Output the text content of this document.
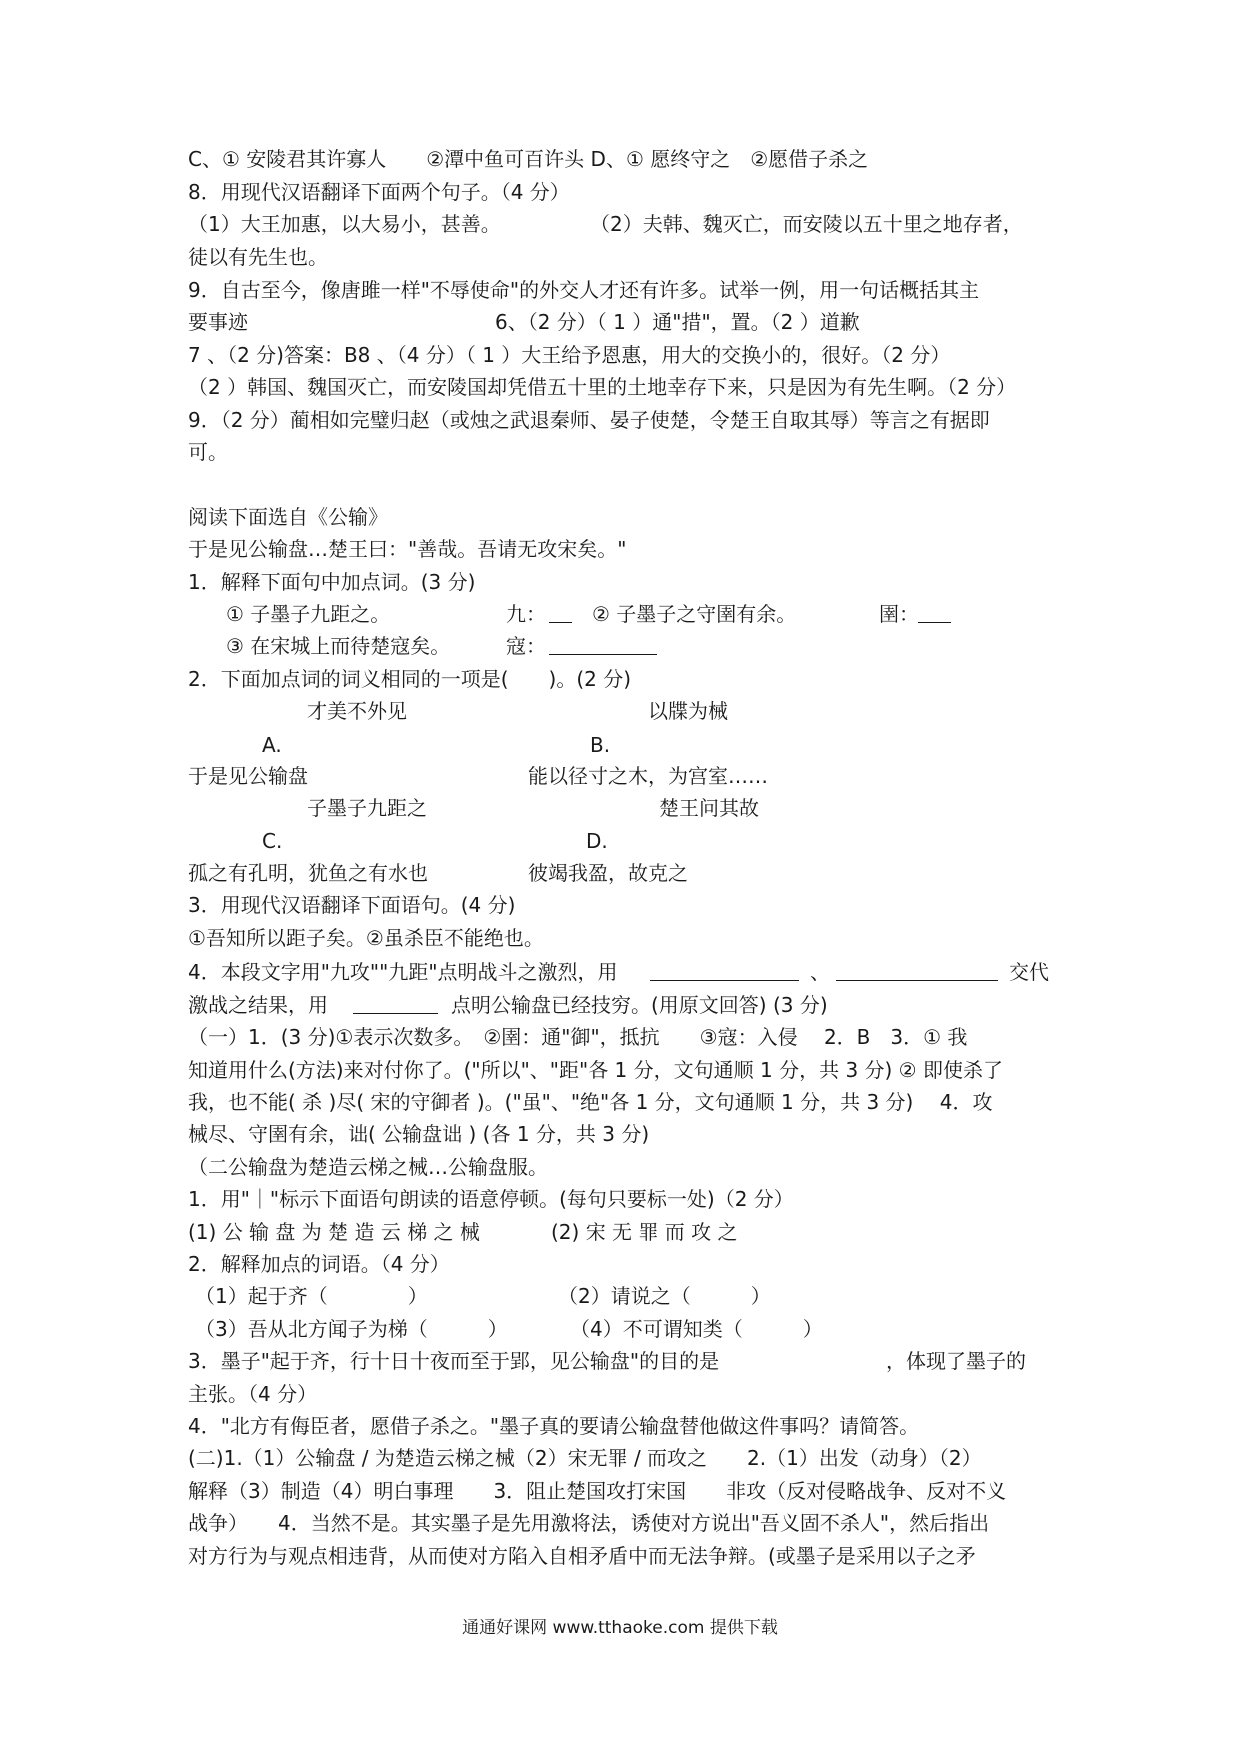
C、① 安陵君其许寡人　　②潭中鱼可百许头 D、① 愿终守之　②愿借子杀之
8．用现代汉语翻译下面两个句子。（4 分）
（1）大王加惠，以大易小，甚善。	（2）夫韩、魏灭亡，而安陵以五十里之地存者，
徒以有先生也。
9．自古至今，像唐雎一样"不辱使命"的外交人才还有许多。试举一例，用一句话概括其主
要事迹	6、（2 分）（ 1 ）通"措"，置。（2 ）道歉
7 、（2 分)答案：B8 、（4 分）（ 1 ）大王给予恩惠，用大的交换小的，很好。（2 分）
（2 ）韩国、魏国灭亡，而安陵国却凭借五十里的土地幸存下来，只是因为有先生啊。（2 分）
9．（2 分）蔺相如完璧归赵（或烛之武退秦师、晏子使楚，令楚王自取其辱）等言之有据即
可。
阅读下面选自《公输》
于是见公输盘…楚王曰："善哉。吾请无攻宋矣。"
1．解释下面句中加点词。(3 分)
① 子墨子九距之。	九： ② 子墨子之守圉有余。	圉：
③ 在宋城上而待楚寇矣。	寇：
2．下面加点词的词义相同的一项是(　　)。(2 分)
才美不外见	以牒为械
A.	B.
于是见公输盘	能以径寸之木，为宫室……
子墨子九距之	楚王问其故
C.	D.
孤之有孔明，犹鱼之有水也	彼竭我盈，故克之
3．用现代汉语翻译下面语句。(4 分)
①吾知所以距子矣。②虽杀臣不能绝也。
4．本段文字用"九攻""九距"点明战斗之激烈，用	、	交代
激战之结果，用	点明公输盘已经技穷。(用原文回答) (3 分)
（一）1．(3 分)①表示次数多。　②圉：通"御"，抵抗　　③寇：入侵　 2．B　3．① 我
知道用什么(方法)来对付你了。("所以"、"距"各 1 分，文句通顺 1 分，共 3 分) ② 即使杀了
我，也不能( 杀 )尽( 宋的守御者 )。("虽"、"绝"各 1 分，文句通顺 1 分，共 3 分)　 4．攻
械尽、守圉有余，诎( 公输盘诎 ) (各 1 分，共 3 分)
（二公输盘为楚造云梯之械…公输盘服。
1．用"｜"标示下面语句朗读的语意停顿。(每句只要标一处)（2 分）
(1) 公 输 盘 为 楚 造 云 梯 之 械	(2) 宋 无 罪 而 攻 之
2．解释加点的词语。（4 分）
（1）起于齐（　　　　）	（2）请说之（　　　）
（3）吾从北方闻子为梯（　　　）	（4）不可谓知类（　　　）
3．墨子"起于齐，行十日十夜而至于郢，见公输盘"的目的是	，体现了墨子的
主张。（4 分）
4．"北方有侮臣者，愿借子杀之。"墨子真的要请公输盘替他做这件事吗？请简答。
(二)1.（1）公输盘 / 为楚造云梯之械（2）宋无罪 / 而攻之　　2.（1）出发（动身）（2）
解释（3）制造（4）明白事理　　3．阻止楚国攻打宋国　　非攻（反对侵略战争、反对不义
战争）　　4．当然不是。其实墨子是先用激将法，诱使对方说出"吾义固不杀人"，然后指出
对方行为与观点相违背，从而使对方陷入自相矛盾中而无法争辩。(或墨子是采用以子之矛
通通好课网 www.tthaoke.com 提供下载
